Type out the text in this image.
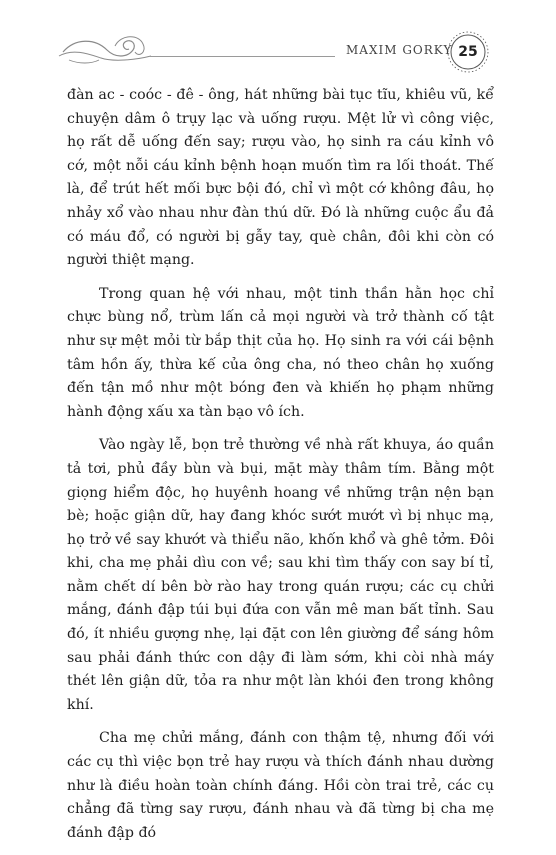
MAXIM GORKY 25

đàn ac - coóc - đê - ông, hát những bài tục tĩu, khiêu vũ, kể chuyện dâm ô trụy lạc và uống rượu. Mệt lử vì công việc, họ rất dễ uống đến say; rượu vào, họ sinh ra cáu kỉnh vô cớ, một nỗi cáu kỉnh bệnh hoạn muốn tìm ra lối thoát. Thế là, để trút hết mối bực bội đó, chỉ vì một cớ không đâu, họ nhảy xổ vào nhau như đàn thú dữ. Đó là những cuộc ẩu đả có máu đổ, có người bị gẫy tay, què chân, đôi khi còn có người thiệt mạng.

Trong quan hệ với nhau, một tinh thần hằn học chỉ chực bùng nổ, trùm lấn cả mọi người và trở thành cố tật như sự mệt mỏi từ bắp thịt của họ. Họ sinh ra với cái bệnh tâm hồn ấy, thừa kế của ông cha, nó theo chân họ xuống đến tận mồ như một bóng đen và khiến họ phạm những hành động xấu xa tàn bạo vô ích.

Vào ngày lễ, bọn trẻ thường về nhà rất khuya, áo quần tả tơi, phủ đầy bùn và bụi, mặt mày thâm tím. Bằng một giọng hiểm độc, họ huyênh hoang về những trận nện bạn bè; hoặc giận dữ, hay đang khóc sướt mướt vì bị nhục mạ, họ trở về say khướt và thiểu não, khốn khổ và ghê tởm. Đôi khi, cha mẹ phải dìu con về; sau khi tìm thấy con say bí tỉ, nằm chết dí bên bờ rào hay trong quán rượu; các cụ chửi mắng, đánh đập túi bụi đứa con vẫn mê man bất tỉnh. Sau đó, ít nhiều gượng nhẹ, lại đặt con lên giường để sáng hôm sau phải đánh thức con dậy đi làm sớm, khi còi nhà máy thét lên giận dữ, tỏa ra như một làn khói đen trong không khí.

Cha mẹ chửi mắng, đánh con thậm tệ, nhưng đối với các cụ thì việc bọn trẻ hay rượu và thích đánh nhau dường như là điều hoàn toàn chính đáng. Hồi còn trai trẻ, các cụ chẳng đã từng say rượu, đánh nhau và đã từng bị cha mẹ đánh đập đó
